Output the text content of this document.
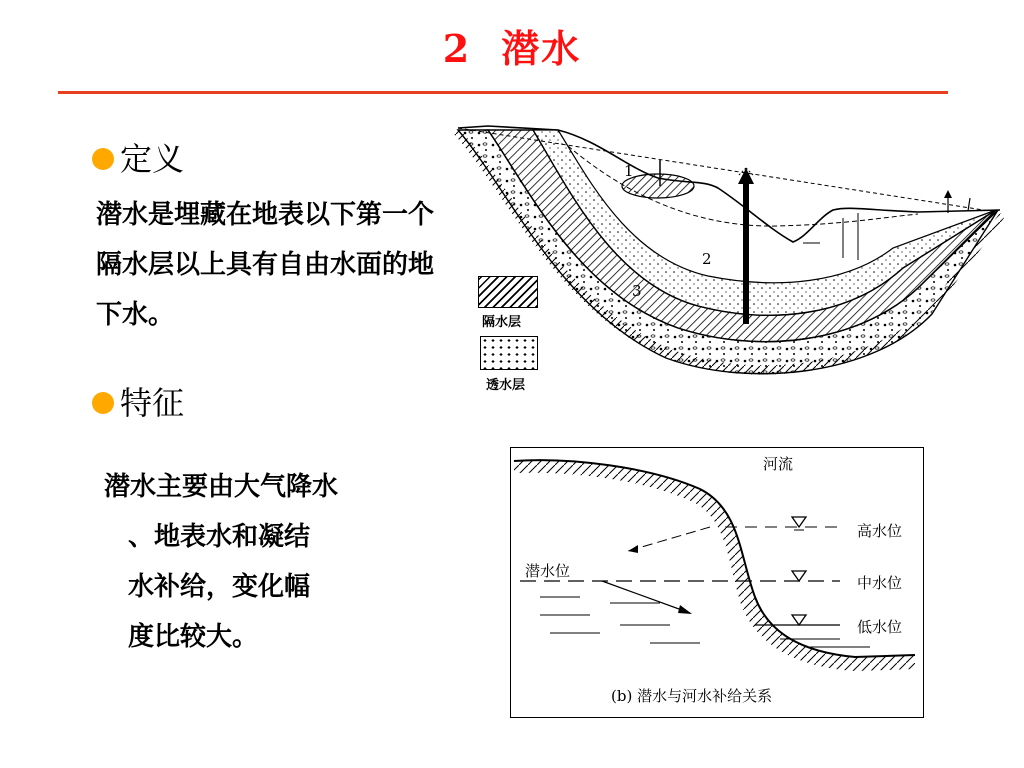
2 潜水
定义
潜水是埋藏在地表以下第一个隔水层以上具有自由水面的地下水。
特征
潜水主要由大气降水
、地表水和凝结
水补给，变化幅
度比较大。
1
2
3
隔水层
透水层
河流
潜水位
高水位
中水位
低水位
(b) 潜水与河水补给关系
